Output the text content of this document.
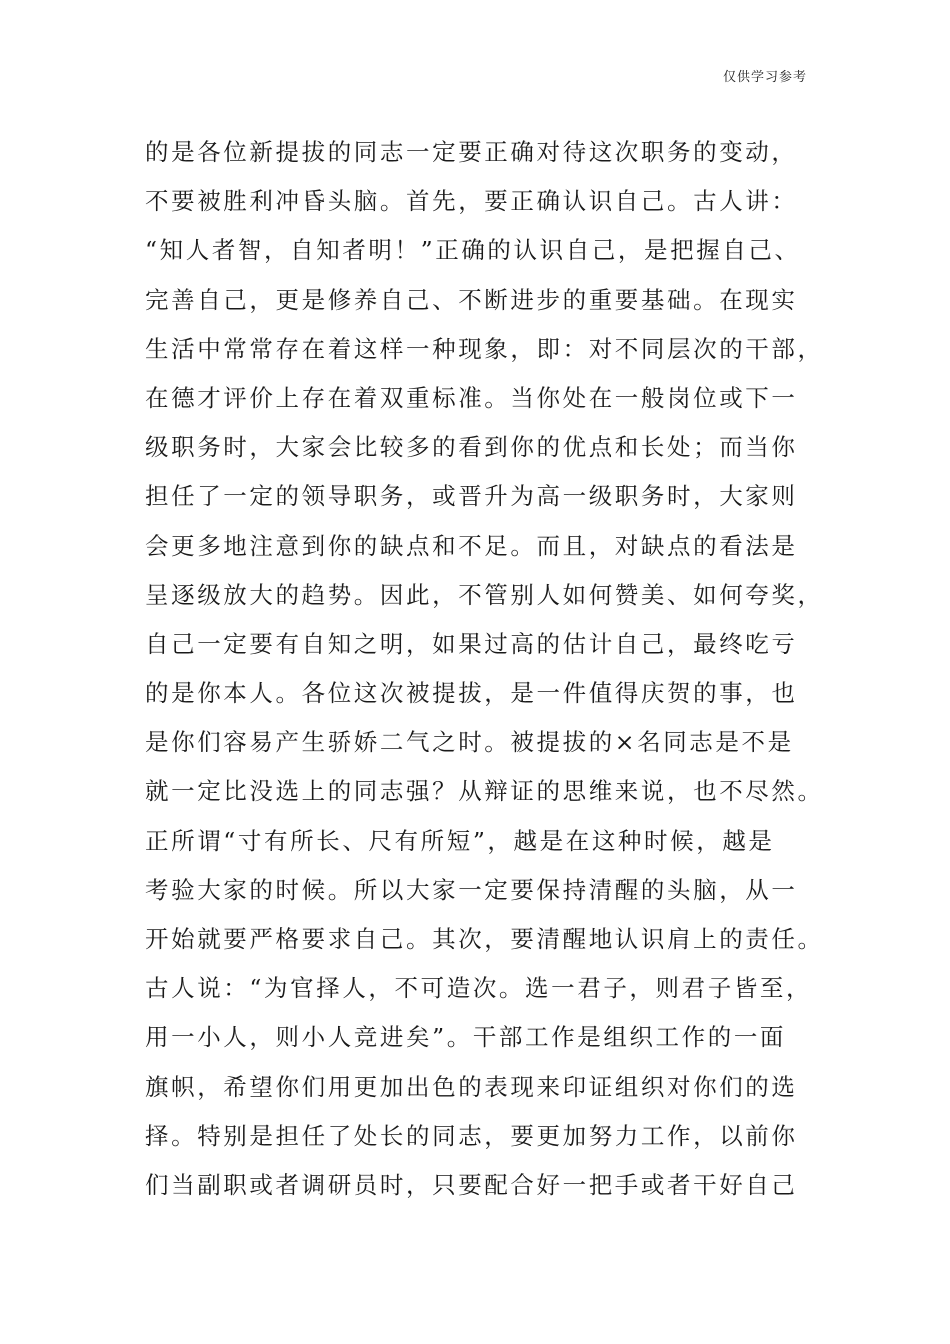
仅供学习参考
的是各位新提拔的同志一定要正确对待这次职务的变动，
不要被胜利冲昏头脑。首先，要正确认识自己。古人讲：
“知人者智，自知者明！”正确的认识自己，是把握自己、
完善自己，更是修养自己、不断进步的重要基础。在现实
生活中常常存在着这样一种现象，即：对不同层次的干部，
在德才评价上存在着双重标准。当你处在一般岗位或下一
级职务时，大家会比较多的看到你的优点和长处；而当你
担任了一定的领导职务，或晋升为高一级职务时，大家则
会更多地注意到你的缺点和不足。而且，对缺点的看法是
呈逐级放大的趋势。因此，不管别人如何赞美、如何夸奖，
自己一定要有自知之明，如果过高的估计自己，最终吃亏
的是你本人。各位这次被提拔，是一件值得庆贺的事，也
是你们容易产生骄娇二气之时。被提拔的×名同志是不是
就一定比没选上的同志强？从辩证的思维来说，也不尽然。
正所谓“寸有所长、尺有所短”，越是在这种时候，越是
考验大家的时候。所以大家一定要保持清醒的头脑，从一
开始就要严格要求自己。其次，要清醒地认识肩上的责任。
古人说：“为官择人，不可造次。选一君子，则君子皆至，
用一小人，则小人竞进矣”。干部工作是组织工作的一面
旗帜，希望你们用更加出色的表现来印证组织对你们的选
择。特别是担任了处长的同志，要更加努力工作，以前你
们当副职或者调研员时，只要配合好一把手或者干好自己
